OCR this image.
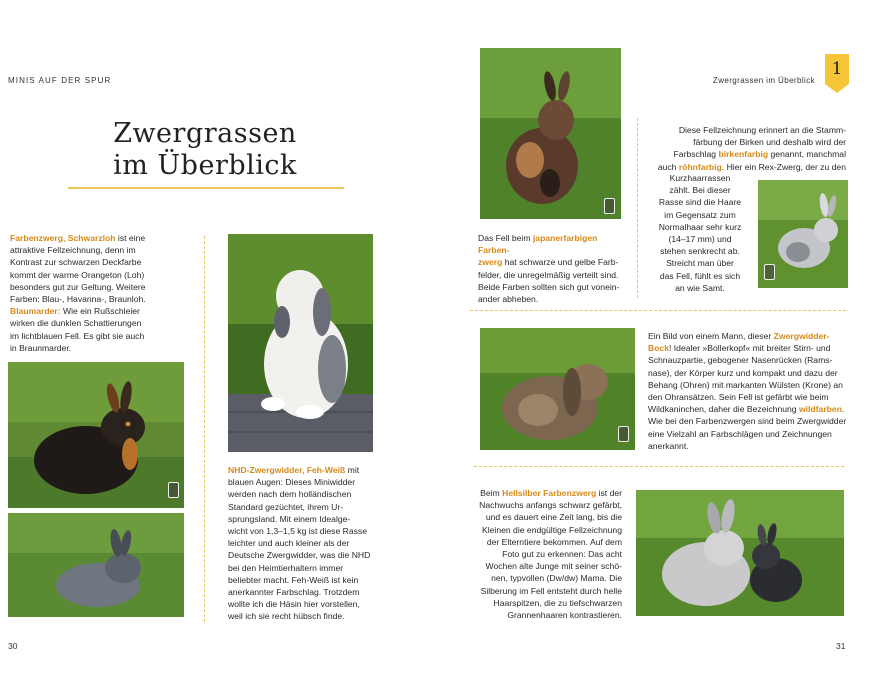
MINIS AUF DER SPUR	Zwergrassen im Überblick
1
Zwergrassen
im Überblick
Farbenzwerg, Schwarzloh ist eine
attraktive Fellzeichnung, denn im
Kontrast zur schwarzen Deckfarbe
kommt der warme Orangeton (Loh)
besonders gut zur Geltung. Weitere
Farben: Blau-, Havanna-, Braunloh.
Blaumarder: Wie ein Rußschleier
wirken die dunklen Schattierungen
im lichtblauen Fell. Es gibt sie auch
in Braunmarder.
NHD-Zwergwidder, Feh-Weiß mit
blauen Augen: Dieses Miniwidder
werden nach dem holländischen
Standard gezüchtet, ihrem Ur-
sprungsland. Mit einem Idealge-
wicht von 1,3–1,5 kg ist diese Rasse
leichter und auch kleiner als der
Deutsche Zwergwidder, was die NHD
bei den Heimtierhaltern immer
beliebter macht. Feh-Weiß ist kein
anerkannter Farbschlag. Trotzdem
wollte ich die Häsin hier vorstellen,
weil ich sie recht hübsch finde.
Das Fell beim japanerfarbigen Farben-
zwerg hat schwarze und gelbe Farb-
felder, die unregelmäßig verteilt sind.
Beide Farben sollten sich gut vonein-
ander abheben.
Diese Fellzeichnung erinnert an die Stamm-
färbung der Birken und deshalb wird der
Farbschlag birkenfarbig genannt, manchmal
auch röhnfarbig. Hier ein Rex-Zwerg, der zu den
Kurzhaarrassen
zählt. Bei dieser
Rasse sind die Haare
im Gegensatz zum
Normalhaar sehr kurz
(14–17 mm) und
stehen senkrecht ab.
Streicht man über
das Fell, fühlt es sich
an wie Samt.
Ein Bild von einem Mann, dieser Zwergwidder-
Bock! Idealer »Bollerkopf« mit breiter Stirn- und
Schnauzpartie, gebogener Nasenrücken (Rams-
nase), der Körper kurz und kompakt und dazu der
Behang (Ohren) mit markanten Wülsten (Krone) an
den Ohransätzen. Sein Fell ist gefärbt wie beim
Wildkaninchen, daher die Bezeichnung wildfarben.
Wie bei den Farbenzwergen sind beim Zwergwidder
eine Vielzahl an Farbschlägen und Zeichnungen
anerkannt.
Beim Hellsilber Farbenzwerg ist der
Nachwuchs anfangs schwarz gefärbt,
und es dauert eine Zeit lang, bis die
Kleinen die endgültige Fellzeichnung
der Elterntiere bekommen. Auf dem
Foto gut zu erkennen: Das acht
Wochen alte Junge mit seiner schö-
nen, typvollen (Dw/dw) Mama. Die
Silberung im Fell entsteht durch helle
Haarspitzen, die zu tiefschwarzen
Grannenhaaren kontrastieren.
30	31
